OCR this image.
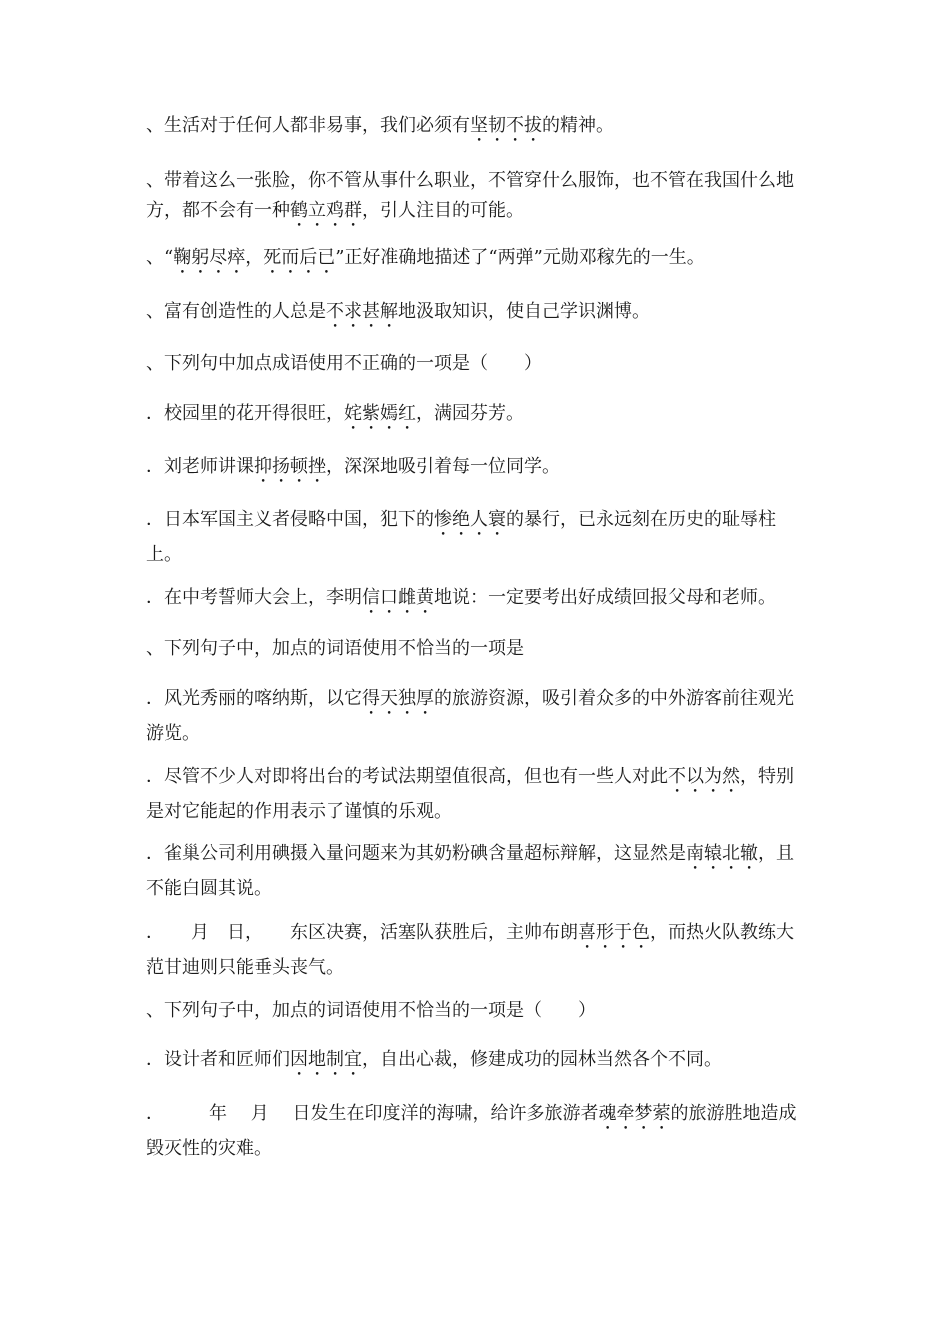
、生活对于任何人都非易事，我们必须有坚韧不拔的精神。

、带着这么一张脸，你不管从事什么职业，不管穿什么服饰，也不管在我国什么地方，都不会有一种鹤立鸡群，引人注目的可能。

、“鞠躬尽瘁，死而后已”正好准确地描述了“两弹”元勋邓稼先的一生。

、富有创造性的人总是不求甚解地汲取知识，使自己学识渊博。

、下列句中加点成语使用不正确的一项是（　　）

．校园里的花开得很旺，姹紫嫣红，满园芬芳。

．刘老师讲课抑扬顿挫，深深地吸引着每一位同学。

．日本军国主义者侵略中国，犯下的惨绝人寰的暴行，已永远刻在历史的耻辱柱上。

．在中考誓师大会上，李明信口雌黄地说：一定要考出好成绩回报父母和老师。

、下列句子中，加点的词语使用不恰当的一项是

．风光秀丽的喀纳斯，以它得天独厚的旅游资源，吸引着众多的中外游客前往观光游览。

．尽管不少人对即将出台的考试法期望值很高，但也有一些人对此不以为然，特别是对它能起的作用表示了谨慎的乐观。

．雀巢公司利用碘摄入量问题来为其奶粉碘含量超标辩解，这显然是南辕北辙，且不能白圆其说。

．　　月　日，　　东区决赛，活塞队获胜后，主帅布朗喜形于色，而热火队教练大范甘迪则只能垂头丧气。

、下列句子中，加点的词语使用不恰当的一项是（　　）

．设计者和匠师们因地制宜，自出心裁，修建成功的园林当然各个不同。

．　　　年　 月　 日发生在印度洋的海啸，给许多旅游者魂牵梦萦的旅游胜地造成毁灭性的灾难。
